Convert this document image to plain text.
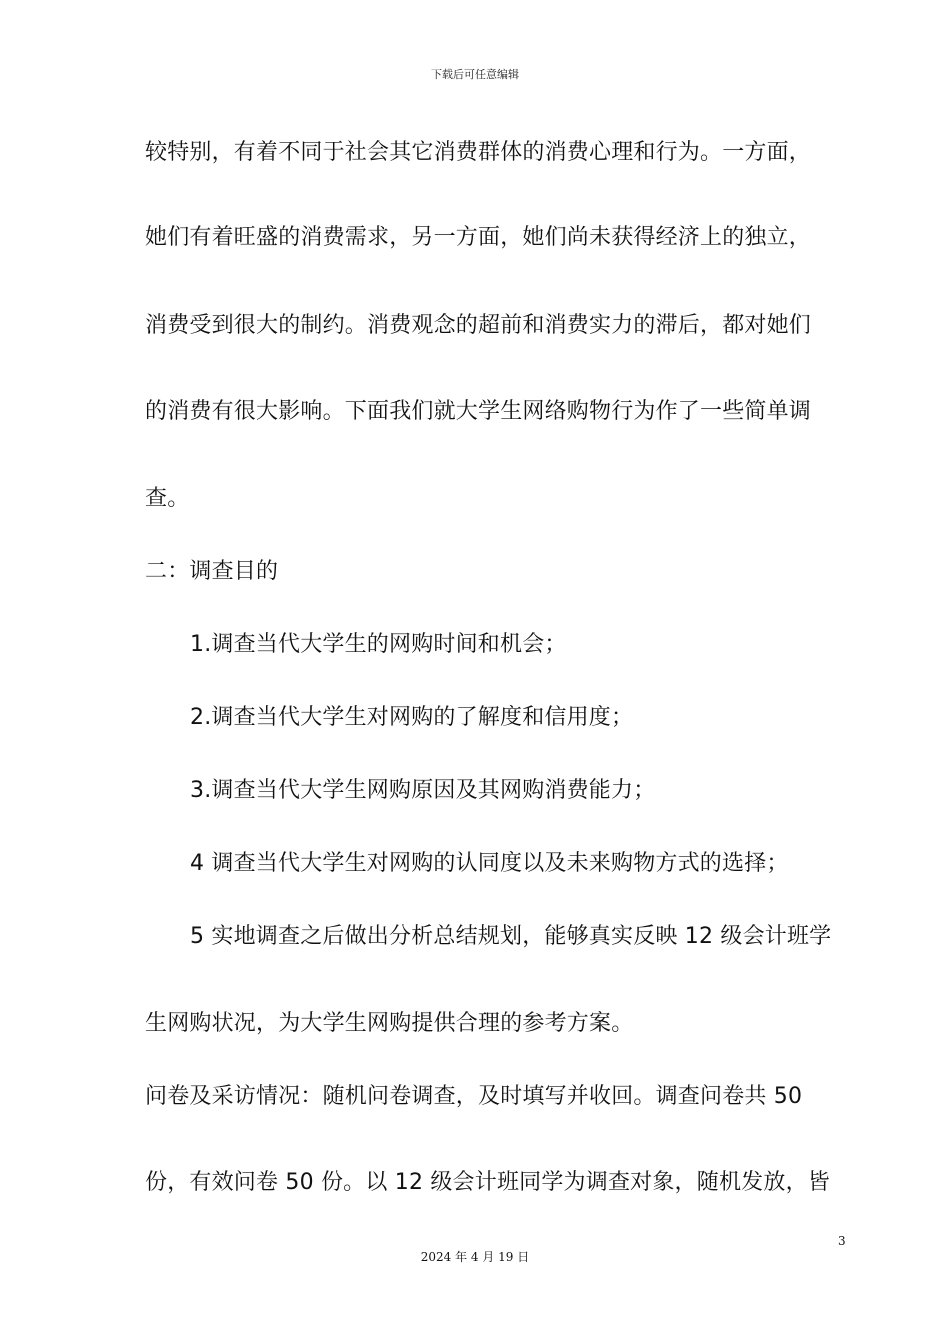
下载后可任意编辑
较特别，有着不同于社会其它消费群体的消费心理和行为。一方面，
她们有着旺盛的消费需求，另一方面，她们尚未获得经济上的独立，
消费受到很大的制约。消费观念的超前和消费实力的滞后，都对她们
的消费有很大影响。下面我们就大学生网络购物行为作了一些简单调
查。
二：调查目的
1.调查当代大学生的网购时间和机会；
2.调查当代大学生对网购的了解度和信用度；
3.调查当代大学生网购原因及其网购消费能力；
4 调查当代大学生对网购的认同度以及未来购物方式的选择；
5 实地调查之后做出分析总结规划，能够真实反映 12 级会计班学
生网购状况，为大学生网购提供合理的参考方案。
问卷及采访情况：随机问卷调查，及时填写并收回。调查问卷共 50
份，有效问卷 50 份。以 12 级会计班同学为调查对象，随机发放，皆
3
2024 年 4 月 19 日
